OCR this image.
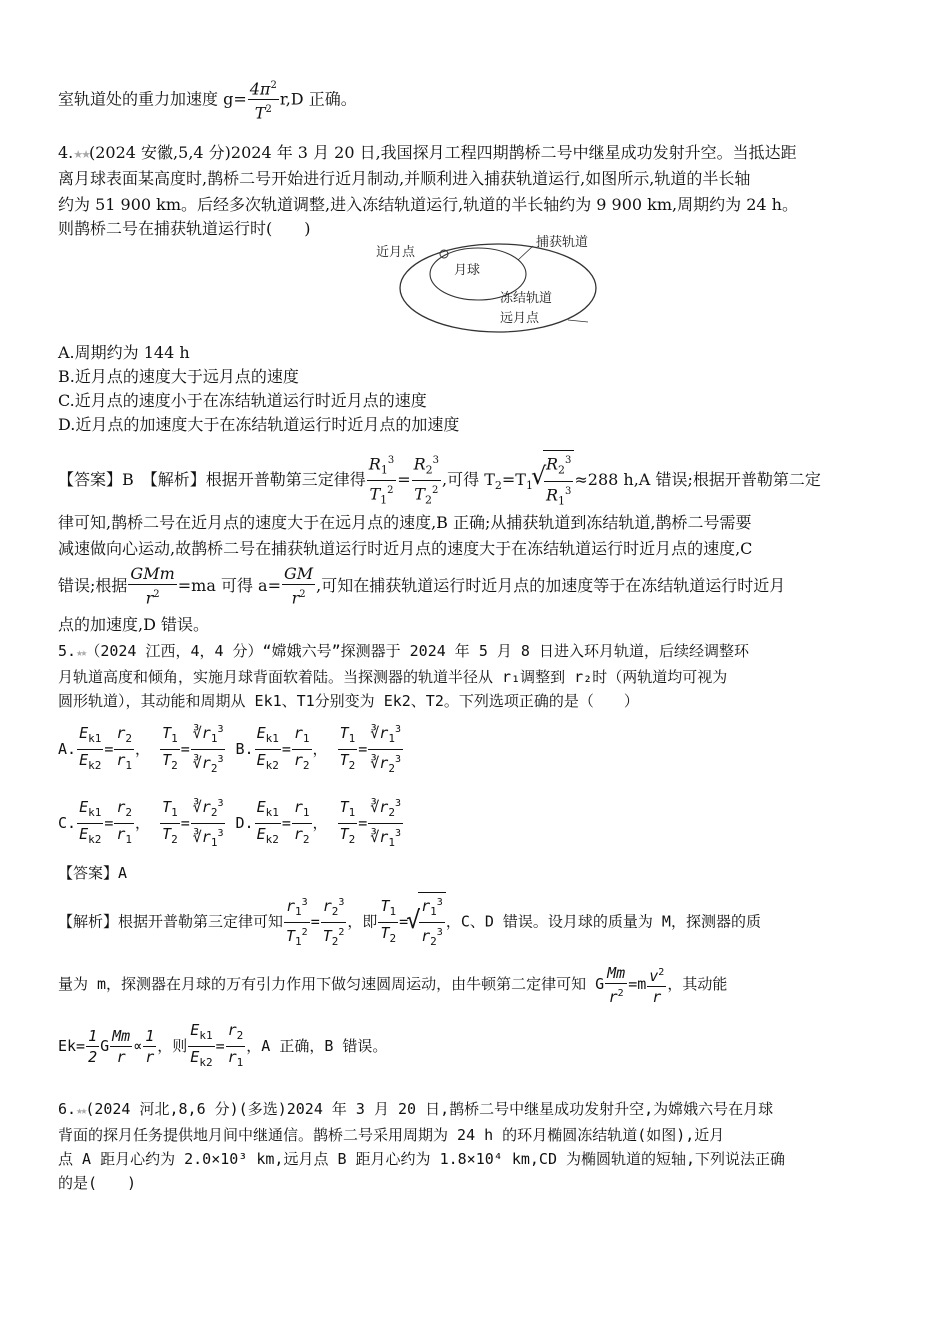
室轨道处的重力加速度 $g= \frac{4\pi^2}{T^2} r,D$ 正确。
4.★★(2024 安徽,5,4 分)2024 年 3 月 20 日,我国探月工程四期鹊桥二号中继星成功发射升空。当抵达距
离月球表面某高度时,鹊桥二号开始进行近月制动,并顺利进入捕获轨道运行,如图所示,轨道的半长轴
约为 51 900 km。后经多次轨道调整,进入冻结轨道运行,轨道的半长轴约为 9 900 km,周期约为 24 h。
则鹊桥二号在捕获轨道运行时(　　)
近月点
捕获轨道
月球
冻结轨道
远月点
A.周期约为 144 h
B.近月点的速度大于远月点的速度
C.近月点的速度小于在冻结轨道运行时近月点的速度
D.近月点的加速度大于在冻结轨道运行时近月点的加速度
【答案】B　【解析】根据开普勒第三定律得 $\frac{R_1^3}{T_1^2} = \frac{R_2^3}{T_2^2}$ ,可得 $T_2=T_1$ √ $\frac{R_2^3}{R_1^3} \approx 288$ h,A 错误;根据开普勒第二定
律可知,鹊桥二号在近月点的速度大于在远月点的速度,B 正确;从捕获轨道到冻结轨道,鹊桥二号需要
减速做向心运动,故鹊桥二号在捕获轨道运行时近月点的速度大于在冻结轨道运行时近月点的速度,C
错误;根据 $\frac{\text{GMm}}{r^2} =ma$ 可得 $a= \frac{GM}{r^2}$ ,可知在捕获轨道运行时近月点的加速度等于在冻结轨道运行时近月
点的加速度,D 错误。
5.★★（2024 江西，4，4 分）“嫦娥六号”探测器于 2024 年 5 月 8 日进入环月轨道，后续经调整环
月轨道高度和倾角，实施月球背面软着陆。当探测器的轨道半径从 r₁调整到 r₂时（两轨道均可视为
圆形轨道），其动能和周期从 Ek1、T1分别变为 Ek2、T2。下列选项正确的是（　　）
A. $\frac{E_{k1}}{E_{k2}} = \frac{r_2}{r_1}$ ， $\frac{T_1}{T_2} = \frac{∛r_1^3}{∛r_2^3} B$. $\frac{E_{k1}}{E_{k2}} = \frac{r_1}{r_2}$ ， $\frac{T_1}{T_2} = \frac{∛r_1^3}{∛r_2^3}$
C. $\frac{E_{k1}}{E_{k2}} = \frac{r_2}{r_1}$ ， $\frac{T_1}{T_2} = \frac{∛r_2^3}{∛r_1^3} D$. $\frac{E_{k1}}{E_{k2}} = \frac{r_1}{r_2}$ ， $\frac{T_1}{T_2} = \frac{∛r_2^3}{∛r_1^3}$
【答案】A
【解析】根据开普勒第三定律可知 $\frac{r_1^3}{T_1^2} = \frac{r_2^3}{T_2^2}$ ，即 $\frac{T_1}{T_2}$ = √ $\frac{r_1^3}{r_2^3}$ ，C、D 错误。设月球的质量为 M，探测器的质
量为 m，探测器在月球的万有引力作用下做匀速圆周运动，由牛顿第二定律可知 G $\frac{Mm}{r^2} =m \frac{v^2}{r}$ ，其动能
$Ek= \frac{1}{2}$ G $\frac{Mm}{r} \propto \frac{1}{r}$ ，则 $\frac{E_{k1}}{E_{k2}} = \frac{r_2}{r_1}$ ，A 正确，B 错误。
6.★★(2024 河北,8,6 分)(多选)2024 年 3 月 20 日,鹊桥二号中继星成功发射升空,为嫦娥六号在月球
背面的探月任务提供地月间中继通信。鹊桥二号采用周期为 24 h 的环月椭圆冻结轨道(如图),近月
点 A 距月心约为 2.0×10³ km,远月点 B 距月心约为 1.8×10⁴ km,CD 为椭圆轨道的短轴,下列说法正确
的是(　　)
